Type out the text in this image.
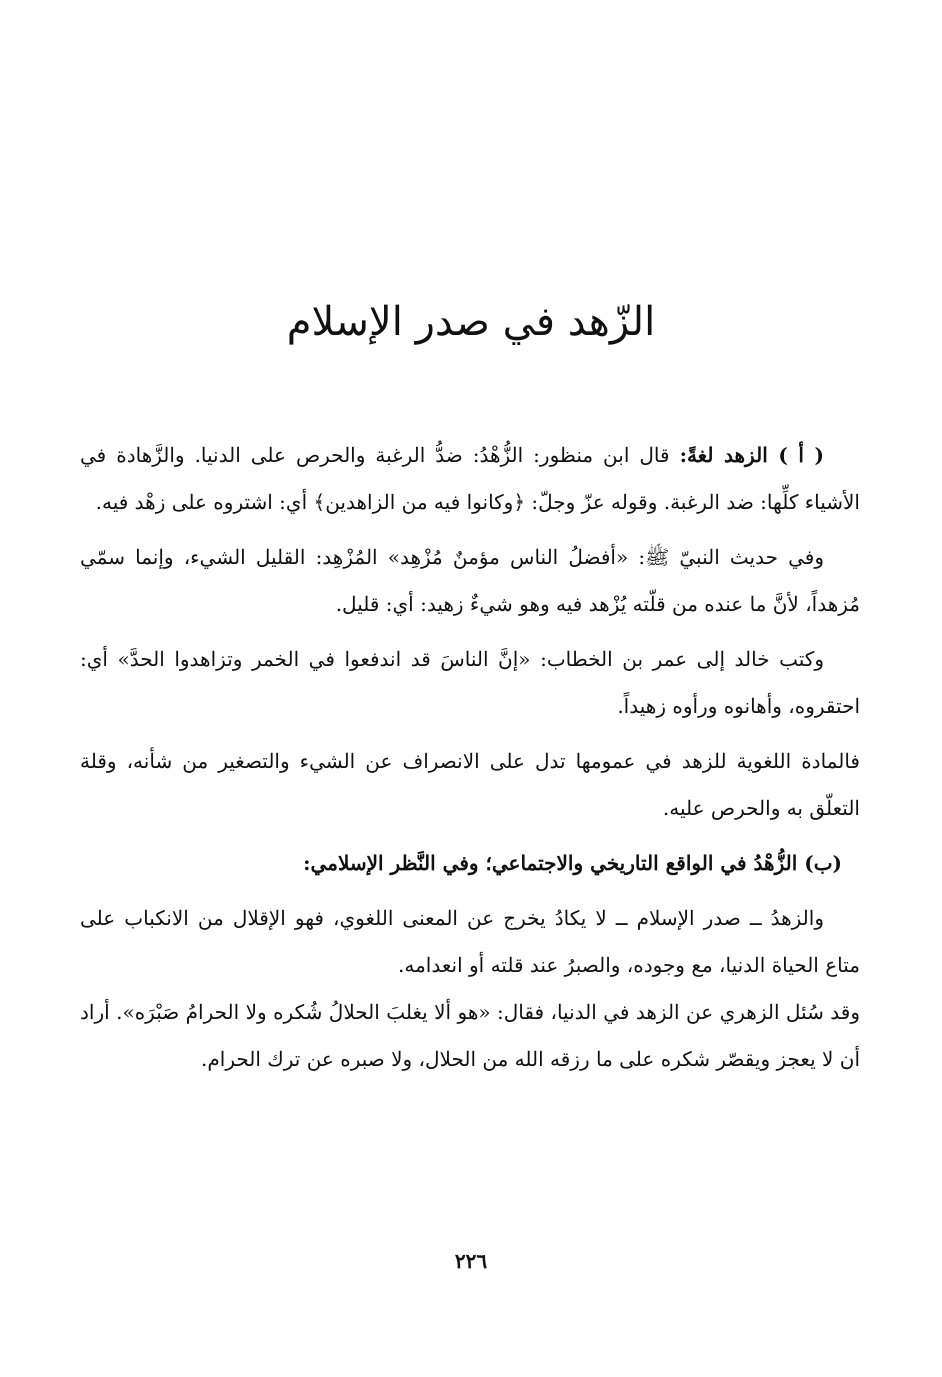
الزّهد في صدر الإسلام

( أ ) الزهد لغةً: قال ابن منظور: الزُّهْدُ: ضدُّ الرغبة والحرص على الدنيا. والزَّهادة في الأشياء كلِّها: ضد الرغبة. وقوله عزّ وجلّ: ﴿وكانوا فيه من الزاهدين﴾ أي: اشتروه على زهْد فيه.

وفي حديث النبيّ ﷺ: «أفضلُ الناس مؤمنٌ مُزْهِد» المُزْهِد: القليل الشيء، وإنما سمّي مُزهداً، لأنَّ ما عنده من قلّته يُزْهد فيه وهو شيءٌ زهيد: أي: قليل.

وكتب خالد إلى عمر بن الخطاب: «إنَّ الناسَ قد اندفعوا في الخمر وتزاهدوا الحدَّ» أي: احتقروه، وأهانوه ورأوه زهيداً.

فالمادة اللغوية للزهد في عمومها تدل على الانصراف عن الشيء والتصغير من شأنه، وقلة التعلّق به والحرص عليه.

(ب) الزُّهْدُ في الواقع التاريخي والاجتماعي؛ وفي النَّظر الإسلامي:

والزهدُ ــ صدر الإسلام ــ لا يكادُ يخرج عن المعنى اللغوي، فهو الإقلال من الانكباب على متاع الحياة الدنيا، مع وجوده، والصبرُ عند قلته أو انعدامه.

وقد سُئل الزهري عن الزهد في الدنيا، فقال: «هو ألا يغلبَ الحلالُ شُكره ولا الحرامُ صَبْرَه». أراد أن لا يعجز ويقصّر شكره على ما رزقه الله من الحلال، ولا صبره عن ترك الحرام.

٢٢٦
